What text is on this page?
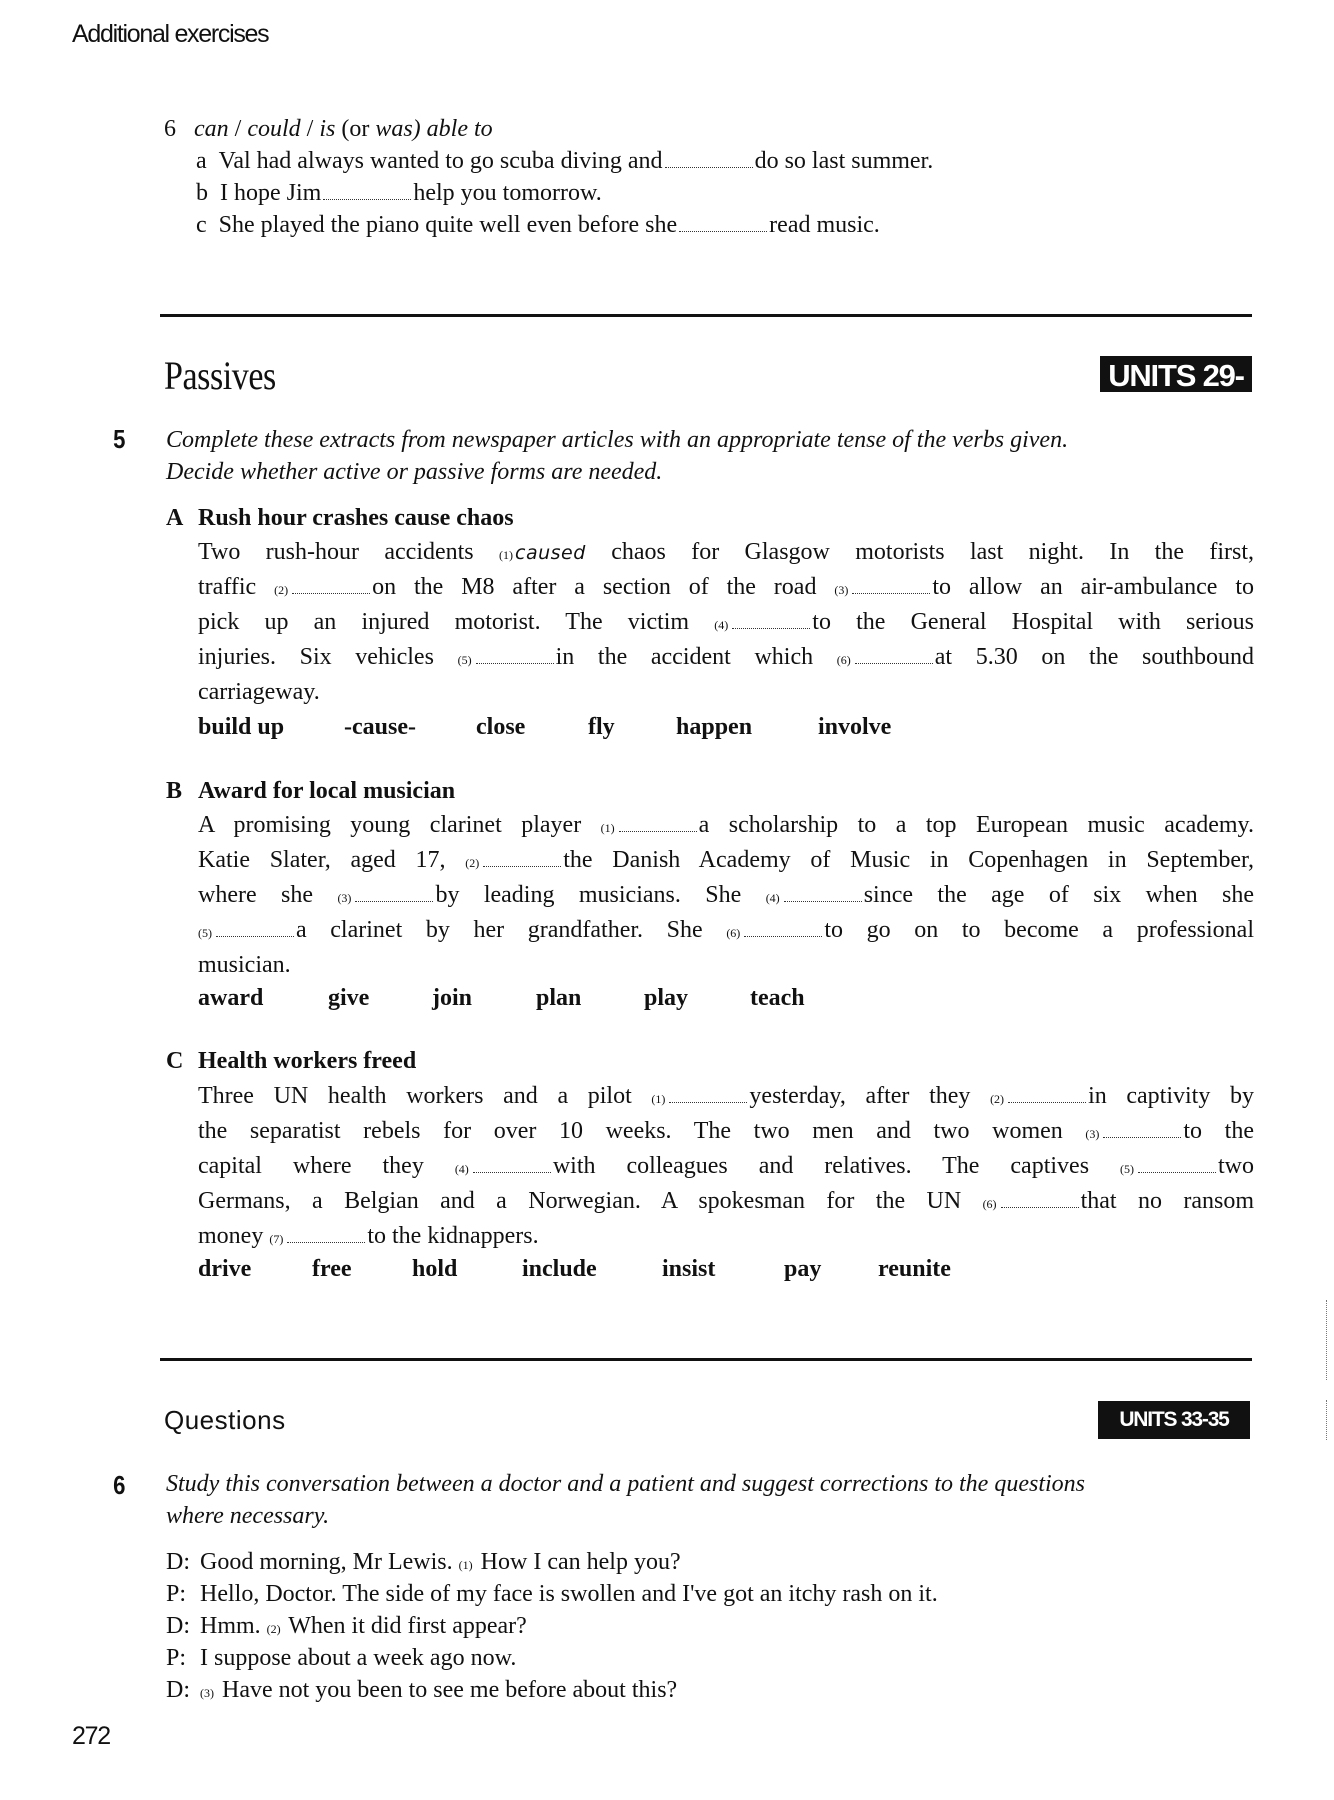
Additional exercises
6 can / could / is (or was) able to
a Val had always wanted to go scuba diving and	do so last summer.
b I hope Jim	help you tomorrow.
c She played the piano quite well even before she	read music.
Passives	UNITS 29-32
5 Complete these extracts from newspaper articles with an appropriate tense of the verbs given.
Decide whether active or passive forms are needed.
A Rush hour crashes cause chaos
Two rush-hour accidents (1) caused chaos for Glasgow motorists last night. In the first,
traffic (2)	on the M8 after a section of the road (3)	to allow an air-ambulance to
pick up an injured motorist. The victim (4)	to the General Hospital with serious
injuries. Six vehicles (5)	in the accident which (6)	at 5.30 on the southbound
carriageway.
build up -cause-	close	fly	happen	involve
B Award for local musician
A promising young clarinet player (1)	a scholarship to a top European music academy.
Katie Slater, aged 17, (2)	the Danish Academy of Music in Copenhagen in September,
where she (3)	by leading musicians. She (4)	since the age of six when she
(5)	a clarinet by her grandfather. She (6)	to go on to become a professional
musician.
award	give	join	plan	play	teach
C Health workers freed
Three UN health workers and a pilot (1)	yesterday, after they (2)	in captivity by
the separatist rebels for over 10 weeks. The two men and two women (3)	to the
capital where they	(4)	with colleagues and relatives. The captives	(5)	two
Germans, a Belgian and a Norwegian. A spokesman for the UN (6)	that no ransom
money (7)	to the kidnappers.
drive	free	hold	include	insist	pay reunite
Questions	UNITS 33-35
6 Study this conversation between a doctor and a patient and suggest corrections to the questions
where necessary.
D: Good morning, Mr Lewis. (1) How I can help you?
P: Hello, Doctor. The side of my face is swollen and I've got an itchy rash on it.
D: Hmm. (2) When it did first appear?
P: I suppose about a week ago now.
D: (3) Have not you been to see me before about this?
272
